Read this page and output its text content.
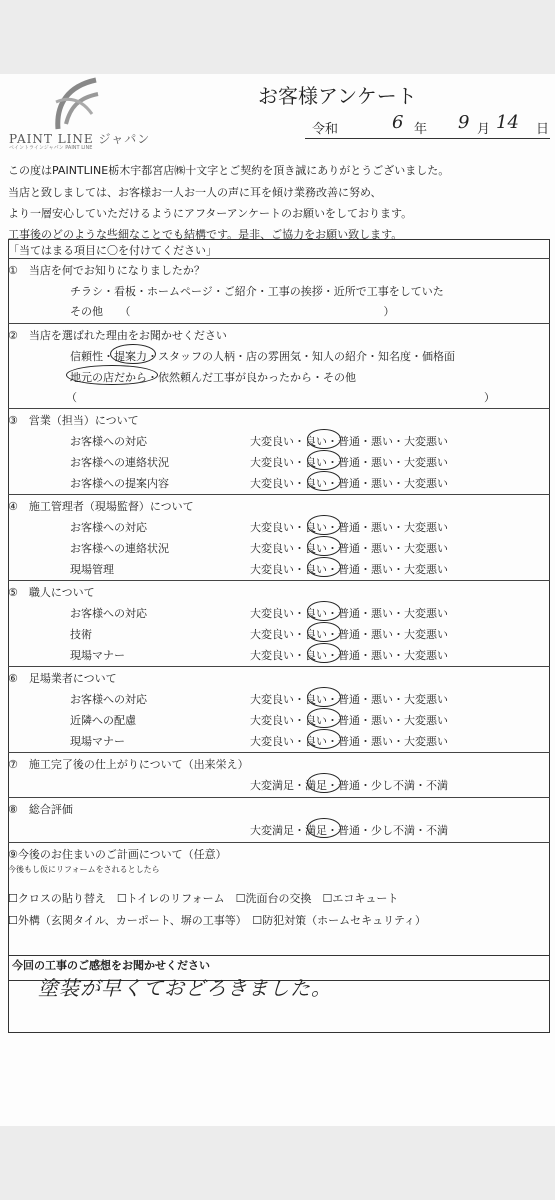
PAINT LINE ジャパン
ペイントラインジャパン PAINT LINE
お客様アンケート
令和	6 年 9 月 14 日
この度はPAINTLINE栃木宇都宮店㈱十文字とご契約を頂き誠にありがとうございました。
当店と致しましては、お客様お一人お一人の声に耳を傾け業務改善に努め、
より一層安心していただけるようにアフターアンケートのお願いをしております。
工事後のどのような些細なことでも結構です。是非、ご協力をお願い致します。
「当てはまる項目に〇を付けてください」
①　当店を何でお知りになりましたか？
チラシ・看板・ホームページ・ご紹介・工事の挨拶・近所で工事をしていた
その他　　（　　　　　　　　　　　　　　　　　　　　　　　）
②　当店を選ばれた理由をお聞かせください
信頼性・提案力・スタッフの人柄・店の雰囲気・知人の紹介・知名度・価格面
地元の店だから・依然頼んだ工事が良かったから・その他
（　　　　　　　　　　　　　　　　　　　　　　　　　　　　　　　　　　　　　）
③　営業（担当）について
お客様への対応	大変良い・良い・普通・悪い・大変悪い
お客様への連絡状況	大変良い・良い・普通・悪い・大変悪い
お客様への提案内容	大変良い・良い・普通・悪い・大変悪い
④　施工管理者（現場監督）について
お客様への対応	大変良い・良い・普通・悪い・大変悪い
お客様への連絡状況	大変良い・良い・普通・悪い・大変悪い
現場管理	大変良い・良い・普通・悪い・大変悪い
⑤　職人について
お客様への対応	大変良い・良い・普通・悪い・大変悪い
技術	大変良い・良い・普通・悪い・大変悪い
現場マナー	大変良い・良い・普通・悪い・大変悪い
⑥　足場業者について
お客様への対応	大変良い・良い・普通・悪い・大変悪い
近隣への配慮	大変良い・良い・普通・悪い・大変悪い
現場マナー	大変良い・良い・普通・悪い・大変悪い
⑦　施工完了後の仕上がりについて（出来栄え）
大変満足・満足・普通・少し不満・不満
⑧　総合評価
大変満足・満足・普通・少し不満・不満
⑨今後のお住まいのご計画について（任意）
今後もし仮にリフォームをされるとしたら
☐クロスの貼り替え　☐トイレのリフォーム　☐洗面台の交換　☐エコキュート
☐外構（玄関タイル、カーポート、塀の工事等）　☐防犯対策（ホームセキュリティ）
今回の工事のご感想をお聞かせください
塗装が早くておどろきました。
